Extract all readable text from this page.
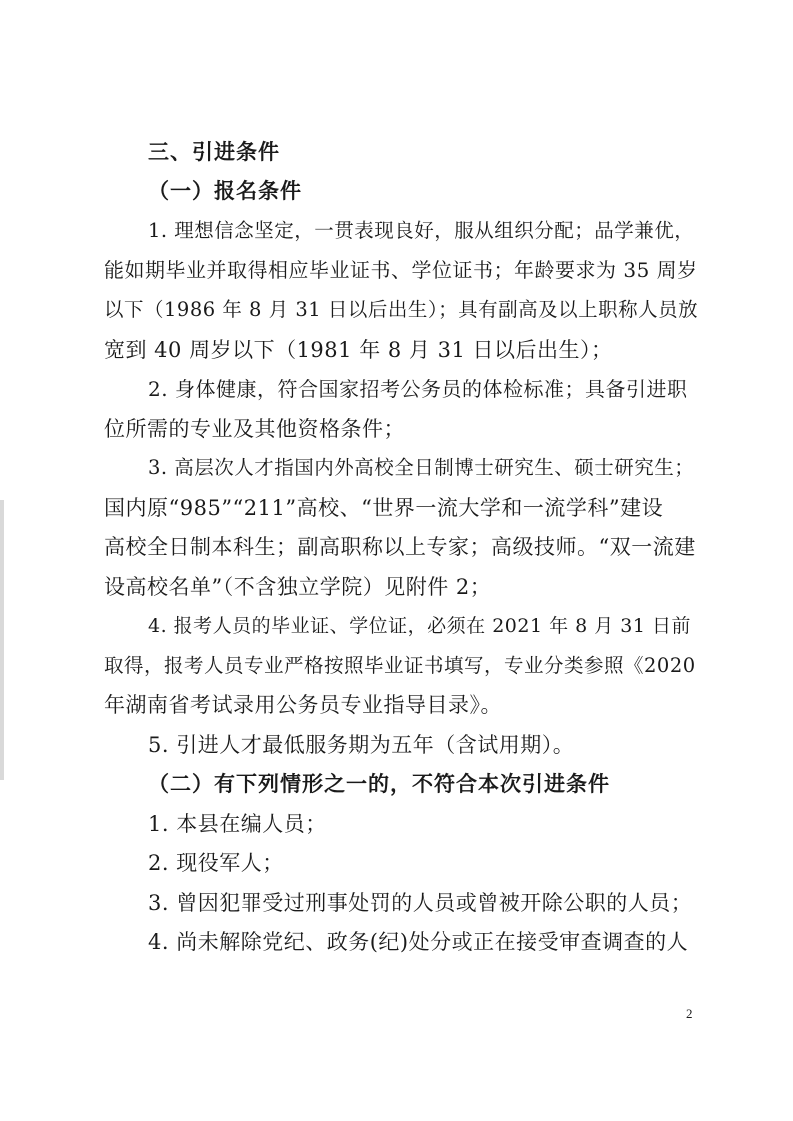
三、引进条件
（一）报名条件
1. 理想信念坚定，一贯表现良好，服从组织分配；品学兼优，
能如期毕业并取得相应毕业证书、学位证书；年龄要求为 35 周岁
以下（1986 年 8 月 31 日以后出生）；具有副高及以上职称人员放
宽到 40 周岁以下（1981 年 8 月 31 日以后出生）；
2. 身体健康，符合国家招考公务员的体检标准；具备引进职
位所需的专业及其他资格条件；
3. 高层次人才指国内外高校全日制博士研究生、硕士研究生；
国内原“985”“211”高校、“世界一流大学和一流学科”建设
高校全日制本科生；副高职称以上专家；高级技师。“双一流建
设高校名单”（不含独立学院）见附件 2；
4. 报考人员的毕业证、学位证，必须在 2021 年 8 月 31 日前
取得，报考人员专业严格按照毕业证书填写，专业分类参照《2020
年湖南省考试录用公务员专业指导目录》。
5. 引进人才最低服务期为五年（含试用期）。
（二）有下列情形之一的，不符合本次引进条件
1. 本县在编人员；
2. 现役军人；
3. 曾因犯罪受过刑事处罚的人员或曾被开除公职的人员；
4. 尚未解除党纪、政务(纪)处分或正在接受审查调查的人
2
